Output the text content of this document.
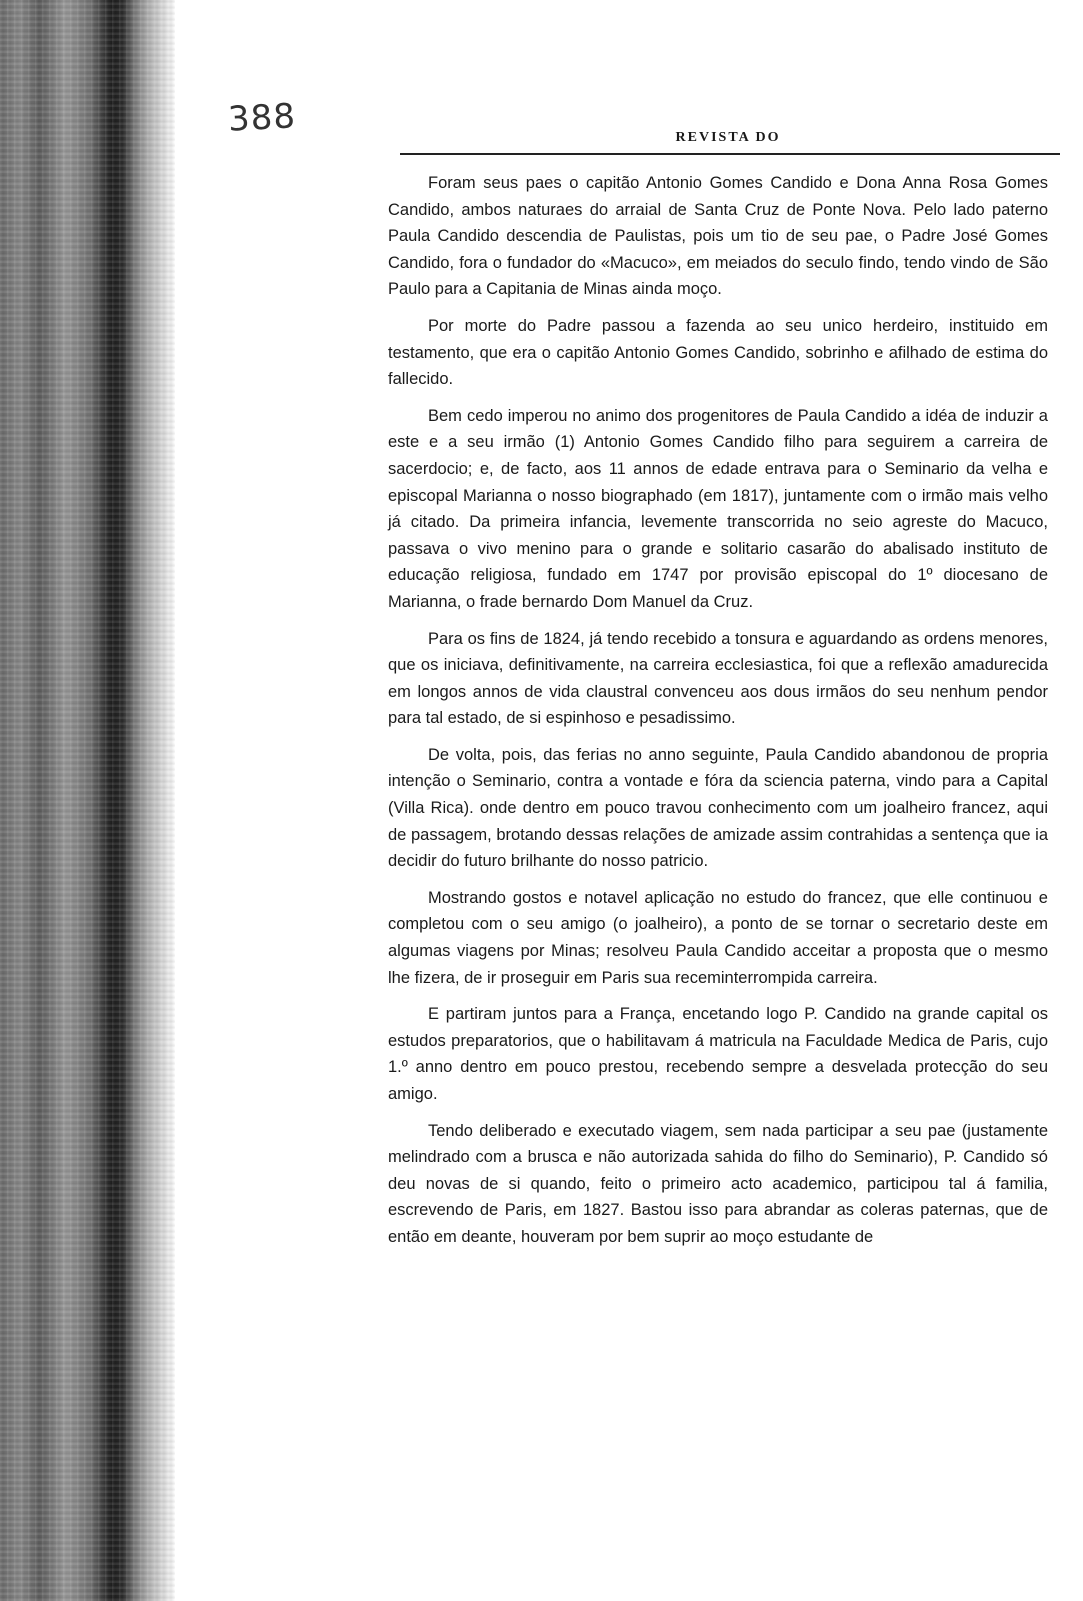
388	REVISTA DO

Foram seus paes o capitão Antonio Gomes Candido e Dona Anna Rosa Gomes Candido, ambos naturaes do arraial de Santa Cruz de Ponte Nova. Pelo lado paterno Paula Candido descendia de Paulistas, pois um tio de seu pae, o Padre José Gomes Candido, fora o fundador do «Macuco», em meiados do seculo findo, tendo vindo de São Paulo para a Capitania de Minas ainda moço.

Por morte do Padre passou a fazenda ao seu unico herdeiro, instituido em testamento, que era o capitão Antonio Gomes Candido, sobrinho e afilhado de estima do fallecido.

Bem cedo imperou no animo dos progenitores de Paula Candido a idéa de induzir a este e a seu irmão (1) Antonio Gomes Candido filho para seguirem a carreira de sacerdocio; e, de facto, aos 11 annos de edade entrava para o Seminario da velha e episcopal Marianna o nosso biographado (em 1817), juntamente com o irmão mais velho já citado. Da primeira infancia, levemente transcorrida no seio agreste do Macuco, passava o vivo menino para o grande e solitario casarão do abalisado instituto de educação religiosa, fundado em 1747 por provisão episcopal do 1º diocesano de Marianna, o frade bernardo Dom Manuel da Cruz.

Para os fins de 1824, já tendo recebido a tonsura e aguardando as ordens menores, que os iniciava, definitivamente, na carreira ecclesiastica, foi que a reflexão amadurecida em longos annos de vida claustral convenceu aos dous irmãos do seu nenhum pendor para tal estado, de si espinhoso e pesadissimo.

De volta, pois, das ferias no anno seguinte, Paula Candido abandonou de propria intenção o Seminario, contra a vontade e fóra da sciencia paterna, vindo para a Capital (Villa Rica). onde dentro em pouco travou conhecimento com um joalheiro francez, aqui de passagem, brotando dessas relações de amizade assim contrahidas a sentença que ia decidir do futuro brilhante do nosso patricio.

Mostrando gostos e notavel aplicação no estudo do francez, que elle continuou e completou com o seu amigo (o joalheiro), a ponto de se tornar o secretario deste em algumas viagens por Minas; resolveu Paula Candido acceitar a proposta que o mesmo lhe fizera, de ir proseguir em Paris sua receminterrompida carreira.

E partiram juntos para a França, encetando logo P. Candido na grande capital os estudos preparatorios, que o habilitavam á matricula na Faculdade Medica de Paris, cujo 1.º anno dentro em pouco prestou, recebendo sempre a desvelada protecção do seu amigo.

Tendo deliberado e executado viagem, sem nada participar a seu pae (justamente melindrado com a brusca e não autorizada sahida do filho do Seminario), P. Candido só deu novas de si quando, feito o primeiro acto academico, participou tal á familia, escrevendo de Paris, em 1827. Bastou isso para abrandar as coleras paternas, que de então em deante, houveram por bem suprir ao moço estudante de
